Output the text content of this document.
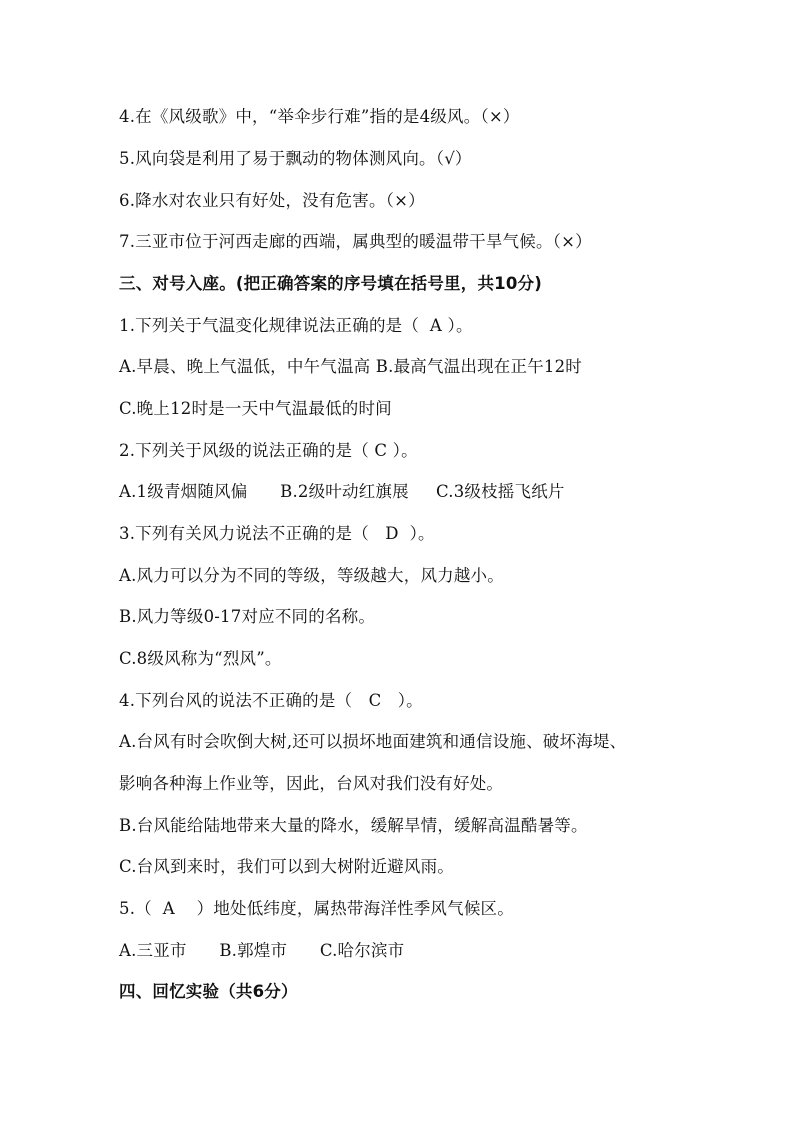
4.在《风级歌》中，“举伞步行难”指的是4级风。（×）
5.风向袋是利用了易于飘动的物体测风向。（√）
6.降水对农业只有好处，没有危害。（×）
7.三亚市位于河西走廊的西端，属典型的暖温带干旱气候。（×）
三、对号入座。(把正确答案的序号填在括号里，共10分)
1.下列关于气温变化规律说法正确的是（  A ）。
A.早晨、晚上气温低，中午气温高 B.最高气温出现在正午12时
C.晚上12时是一天中气温最低的时间
2.下列关于风级的说法正确的是（ C ）。
A.1级青烟随风偏      B.2级叶动红旗展     C.3级枝摇飞纸片
3.下列有关风力说法不正确的是（   D  ）。
A.风力可以分为不同的等级，等级越大，风力越小。
B.风力等级0-17对应不同的名称。
C.8级风称为“烈风”。
4.下列台风的说法不正确的是（   C   ）。
A.台风有时会吹倒大树,还可以损坏地面建筑和通信设施、破坏海堤、
影响各种海上作业等，因此，台风对我们没有好处。
B.台风能给陆地带来大量的降水，缓解旱情，缓解高温酷暑等。
C.台风到来时，我们可以到大树附近避风雨。
5.（  A    ）地处低纬度，属热带海洋性季风气候区。
A.三亚市      B.郭煌市      C.哈尔滨市
四、回忆实验（共6分）
